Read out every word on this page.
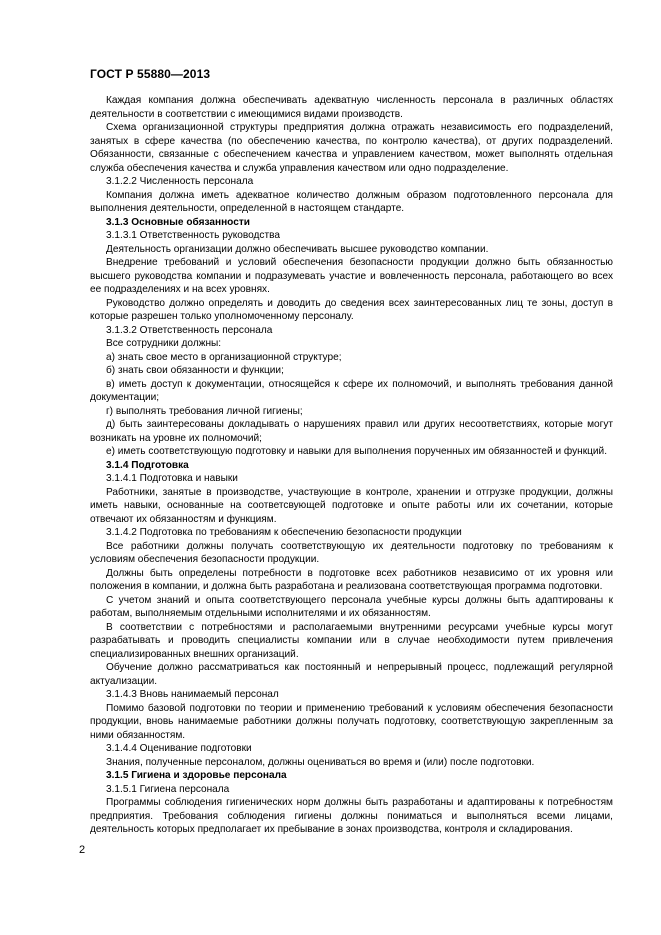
ГОСТ Р 55880—2013

Каждая компания должна обеспечивать адекватную численность персонала в различных областях деятельности в соответствии с имеющимися видами производств.

Схема организационной структуры предприятия должна отражать независимость его подразделений, занятых в сфере качества (по обеспечению качества, по контролю качества), от других подразделений. Обязанности, связанные с обеспечением качества и управлением качеством, может выполнять отдельная служба обеспечения качества и служба управления качеством или одно подразделение.

3.1.2.2 Численность персонала

Компания должна иметь адекватное количество должным образом подготовленного персонала для выполнения деятельности, определенной в настоящем стандарте.

3.1.3 Основные обязанности

3.1.3.1 Ответственность руководства

Деятельность организации должно обеспечивать высшее руководство компании.

Внедрение требований и условий обеспечения безопасности продукции должно быть обязанностью высшего руководства компании и подразумевать участие и вовлеченность персонала, работающего во всех ее подразделениях и на всех уровнях.

Руководство должно определять и доводить до сведения всех заинтересованных лиц те зоны, доступ в которые разрешен только уполномоченному персоналу.

3.1.3.2 Ответственность персонала

Все сотрудники должны:

а) знать свое место в организационной структуре;

б) знать свои обязанности и функции;

в) иметь доступ к документации, относящейся к сфере их полномочий, и выполнять требования данной документации;

г) выполнять требования личной гигиены;

д) быть заинтересованы докладывать о нарушениях правил или других несоответствиях, которые могут возникать на уровне их полномочий;

е) иметь соответствующую подготовку и навыки для выполнения порученных им обязанностей и функций.

3.1.4 Подготовка

3.1.4.1 Подготовка и навыки

Работники, занятые в производстве, участвующие в контроле, хранении и отгрузке продукции, должны иметь навыки, основанные на соответсвующей подготовке и опыте работы или их сочетании, которые отвечают их обязанностям и функциям.

3.1.4.2 Подготовка по требованиям к обеспечению безопасности продукции

Все работники должны получать соответствующую их деятельности подготовку по требованиям к условиям обеспечения безопасности продукции.

Должны быть определены потребности в подготовке всех работников независимо от их уровня или положения в компании, и должна быть разработана и реализована соответствующая программа подготовки.

С учетом знаний и опыта соответствующего персонала учебные курсы должны быть адаптированы к работам, выполняемым отдельными исполнителями и их обязанностям.

В соответствии с потребностями и располагаемыми внутренними ресурсами учебные курсы могут разрабатывать и проводить специалисты компании или в случае необходимости путем привлечения специализированных внешних организаций.

Обучение должно рассматриваться как постоянный и непрерывный процесс, подлежащий регулярной актуализации.

3.1.4.3 Вновь нанимаемый персонал

Помимо базовой подготовки по теории и применению требований к условиям обеспечения безопасности продукции, вновь нанимаемые работники должны получать подготовку, соответствующую закрепленным за ними обязанностям.

3.1.4.4 Оценивание подготовки

Знания, полученные персоналом, должны оцениваться во время и (или) после подготовки.

3.1.5 Гигиена и здоровье персонала

3.1.5.1 Гигиена персонала

Программы соблюдения гигиенических норм должны быть разработаны и адаптированы к потребностям предприятия. Требования соблюдения гигиены должны пониматься и выполняться всеми лицами, деятельность которых предполагает их пребывание в зонах производства, контроля и складирования.

2
